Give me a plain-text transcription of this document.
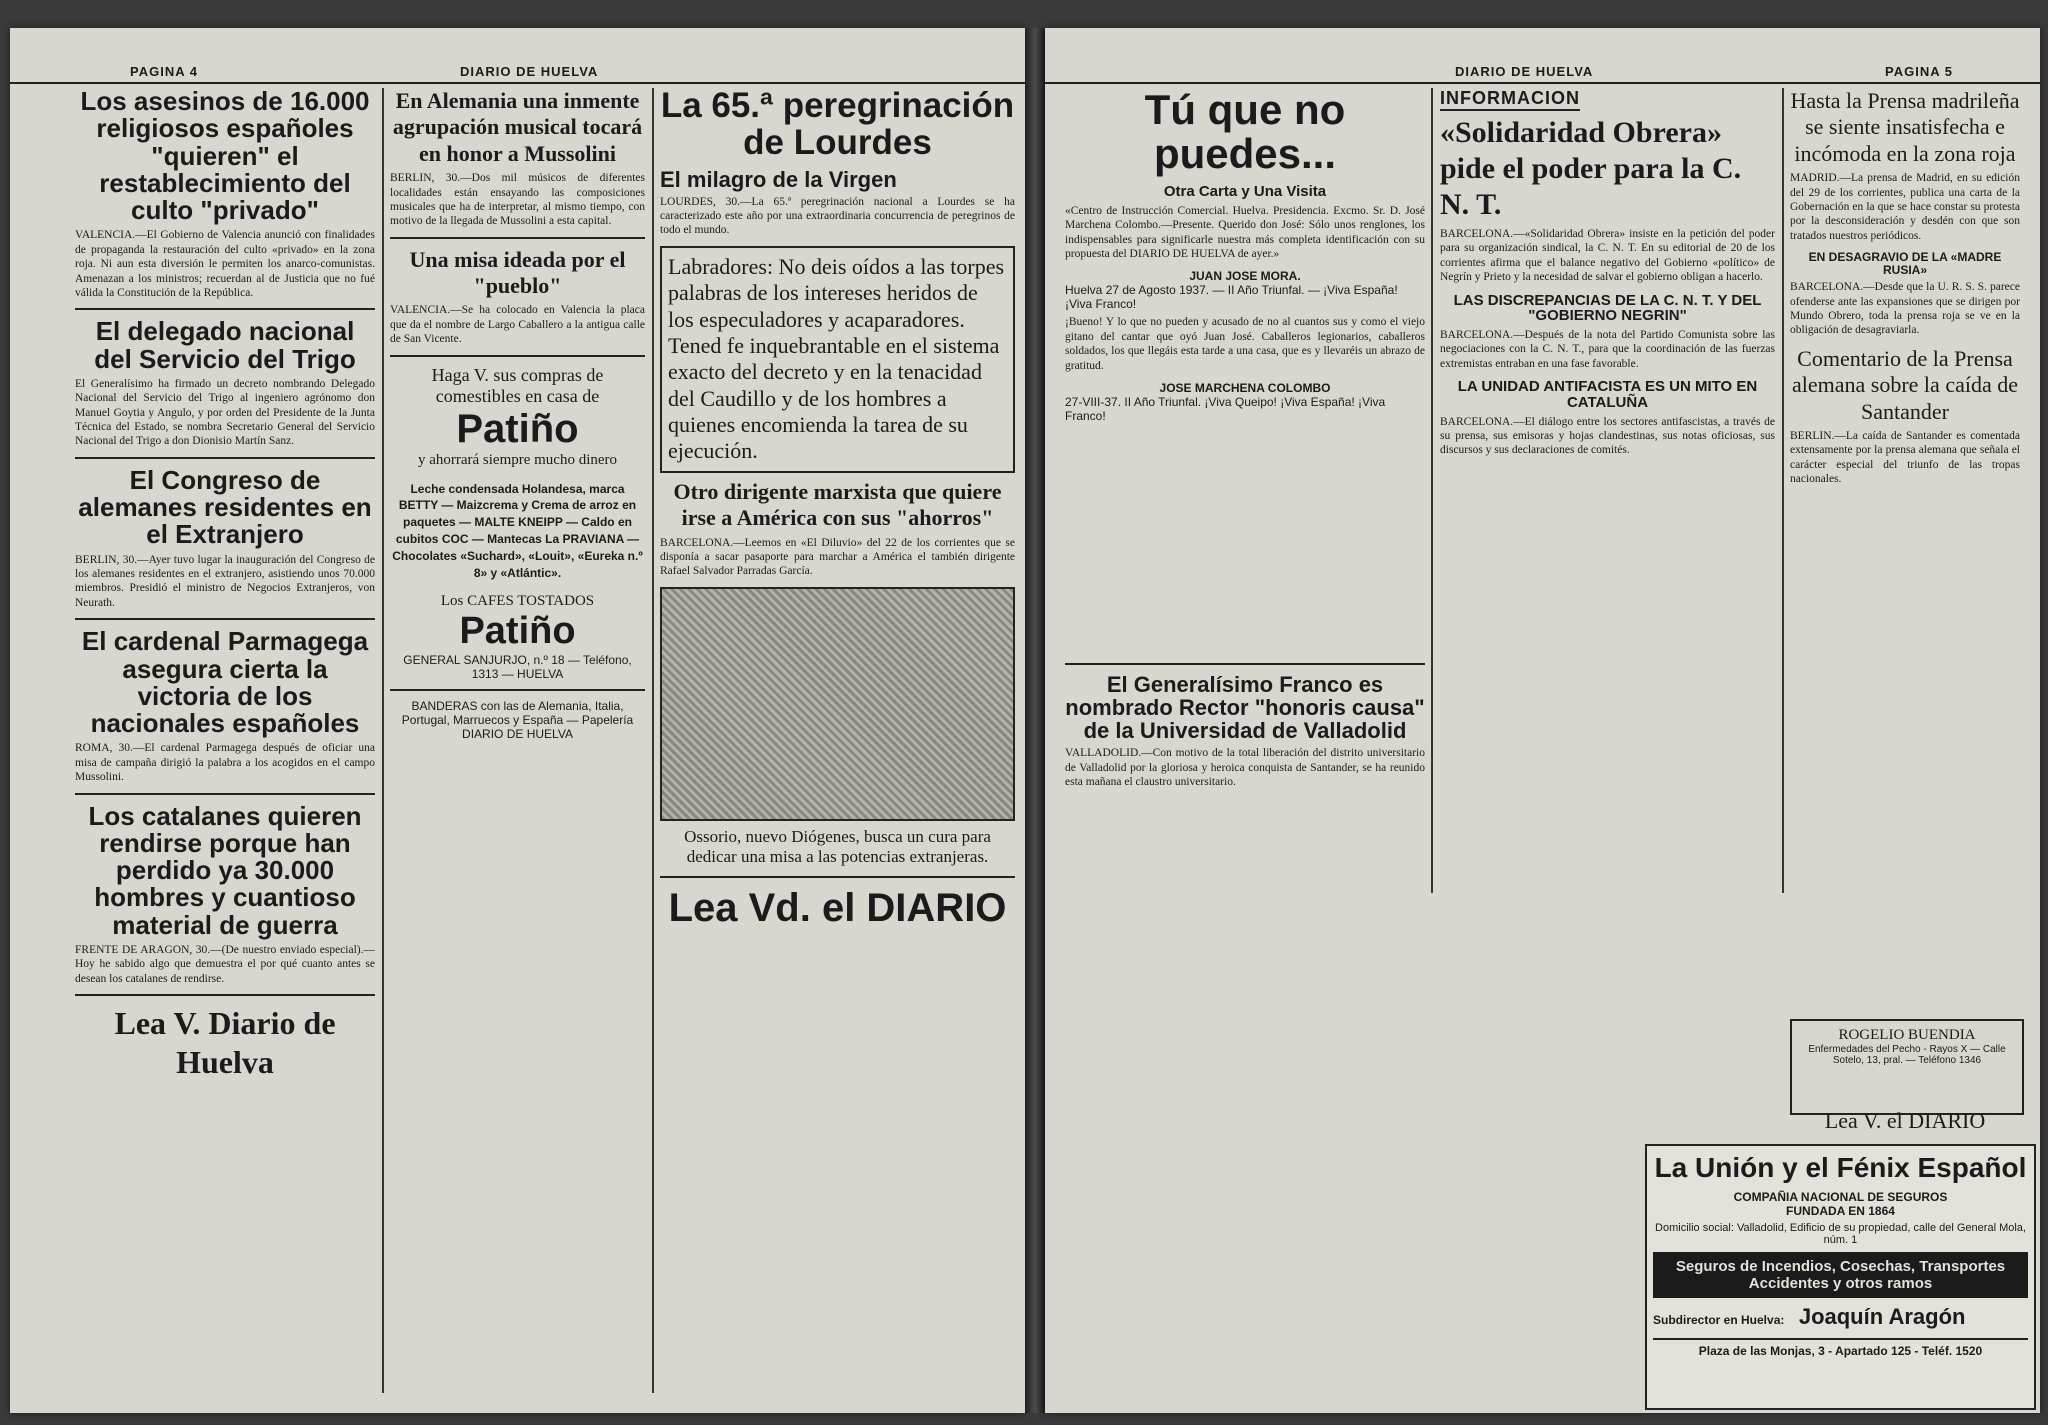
PAGINA 4	DIARIO DE HUELVA
Los asesinos de 16.000 religiosos españoles "quieren" el restablecimiento del culto "privado"

VALENCIA.—El Gobierno de Valencia anunció con finalidades de propaganda la restauración del culto «privado» en la zona roja. Ni aun esta diversión le permiten los anarco-comunistas. Amenazan a los ministros; recuerdan al de Justicia que no fué válida la Constitución de la República.

El delegado nacional del Servicio del Trigo

El Generalísimo ha firmado un decreto nombrando Delegado Nacional del Servicio del Trigo al ingeniero agrónomo don Manuel Goytia y Angulo, y por orden del Presidente de la Junta Técnica del Estado, se nombra Secretario General del Servicio Nacional del Trigo a don Dionisio Martín Sanz.

El Congreso de alemanes residentes en el Extranjero

BERLIN, 30.—Ayer tuvo lugar la inauguración del Congreso de los alemanes residentes en el extranjero, asistiendo unos 70.000 miembros. Presidió el ministro de Negocios Extranjeros, von Neurath.

El cardenal Parmagega asegura cierta la victoria de los nacionales españoles

ROMA, 30.—El cardenal Parmagega después de oficiar una misa de campaña dirigió la palabra a los acogidos en el campo Mussolini.

Los catalanes quieren rendirse porque han perdido ya 30.000 hombres y cuantioso material de guerra

FRENTE DE ARAGON, 30.—(De nuestro enviado especial).— Hoy he sabido algo que demuestra el por qué cuanto antes se desean los catalanes de rendirse.

Lea V. Diario de Huelva
En Alemania una inmente agrupación musical tocará en honor a Mussolini

BERLIN, 30.—Dos mil músicos de diferentes localidades están ensayando las composiciones musicales que ha de interpretar, al mismo tiempo, con motivo de la llegada de Mussolini a esta capital.

Una misa ideada por el "pueblo"

VALENCIA.—Se ha colocado en Valencia la placa que da el nombre de Largo Caballero a la antigua calle de San Vicente.

Haga V. sus compras de comestibles en casa de
Patiño
y ahorrará siempre mucho dinero

Leche condensada Holandesa, marca BETTY — Maizcrema y Crema de arroz en paquetes — MALTE KNEIPP — Caldo en cubitos COC — Mantecas La PRAVIANA — Chocolates «Suchard», «Louit», «Eureka n.º 8» y «Atlántic».

Los CAFES TOSTADOS
Patiño
GENERAL SANJURJO, n.º 18 — Teléfono, 1313 — HUELVA
BANDERAS con las de Alemania, Italia, Portugal, Marruecos y España — Papelería DIARIO DE HUELVA
La 65.ª peregrinación de Lourdes
El milagro de la Virgen

LOURDES, 30.—La 65.ª peregrinación nacional a Lourdes se ha caracterizado este año por una extraordinaria concurrencia de peregrinos de todo el mundo.

Labradores: No deis oídos a las torpes palabras de los intereses heridos de los especuladores y acaparadores. Tened fe inquebrantable en el sistema exacto del decreto y en la tenacidad del Caudillo y de los hombres a quienes encomienda la tarea de su ejecución.
Otro dirigente marxista que quiere irse a América con sus "ahorros"

BARCELONA.—Leemos en «El Diluvio» del 22 de los corrientes que se disponía a sacar pasaporte para marchar a América el también dirigente Rafael Salvador Parradas García.

Ossorio, nuevo Diógenes, busca un cura para dedicar una misa a las potencias extranjeras.
Lea Vd. el DIARIO
DIARIO DE HUELVA	PAGINA 5
Tú que no puedes...
Otra Carta y Una Visita

«Centro de Instrucción Comercial. Huelva. Presidencia. Excmo. Sr. D. José Marchena Colombo.—Presente. Querido don José: Sólo unos renglones, los indispensables para significarle nuestra más completa identificación con su propuesta del DIARIO DE HUELVA de ayer.»

JUAN JOSE MORA.
Huelva 27 de Agosto 1937. — II Año Triunfal. — ¡Viva España! ¡Viva Franco!

¡Bueno! Y lo que no pueden y acusado de no al cuantos sus y como el viejo gitano del cantar que oyó Juan José. Caballeros legionarios, caballeros soldados, los que llegáis esta tarde a una casa, que es y llevaréis un abrazo de gratitud.

JOSE MARCHENA COLOMBO
27-VIII-37. II Año Triunfal. ¡Viva Queipo! ¡Viva España! ¡Viva Franco!
El Generalísimo Franco es nombrado Rector "honoris causa" de la Universidad de Valladolid

VALLADOLID.—Con motivo de la total liberación del distrito universitario de Valladolid por la gloriosa y heroica conquista de Santander, se ha reunido esta mañana el claustro universitario.

INFORMACION
«Solidaridad Obrera» pide el poder para la C. N. T.

BARCELONA.—«Solidaridad Obrera» insiste en la petición del poder para su organización sindical, la C. N. T. En su editorial de 20 de los corrientes afirma que el balance negativo del Gobierno «político» de Negrín y Prieto y la necesidad de salvar el gobierno obligan a hacerlo.

LAS DISCREPANCIAS DE LA C. N. T. Y DEL "GOBIERNO NEGRIN"

BARCELONA.—Después de la nota del Partido Comunista sobre las negociaciones con la C. N. T., para que la coordinación de las fuerzas extremistas entraban en una fase favorable.

LA UNIDAD ANTIFACISTA ES UN MITO EN CATALUÑA

BARCELONA.—El diálogo entre los sectores antifascistas, a través de su prensa, sus emisoras y hojas clandestinas, sus notas oficiosas, sus discursos y sus declaraciones de comités.

Hasta la Prensa madrileña se siente insatisfecha e incómoda en la zona roja

MADRID.—La prensa de Madrid, en su edición del 29 de los corrientes, publica una carta de la Gobernación en la que se hace constar su protesta por la desconsideración y desdén con que son tratados nuestros periódicos.

EN DESAGRAVIO DE LA «MADRE RUSIA»

BARCELONA.—Desde que la U. R. S. S. parece ofenderse ante las expansiones que se dirigen por Mundo Obrero, toda la prensa roja se ve en la obligación de desagraviarla.

Comentario de la Prensa alemana sobre la caída de Santander

BERLIN.—La caída de Santander es comentada extensamente por la prensa alemana que señala el carácter especial del triunfo de las tropas nacionales.

ROGELIO BUENDIA
Enfermedades del Pecho - Rayos X — Calle Sotelo, 13, pral. — Teléfono 1346
Lea V. el DIARIO
La Unión y el Fénix Español
COMPAÑIA NACIONAL DE SEGUROS
FUNDADA EN 1864
Domicilio social: Valladolid, Edificio de su propiedad, calle del General Mola, núm. 1
Seguros de Incendios, Cosechas, Transportes Accidentes y otros ramos
Subdirector en Huelva: Joaquín Aragón
Plaza de las Monjas, 3 - Apartado 125 - Teléf. 1520
